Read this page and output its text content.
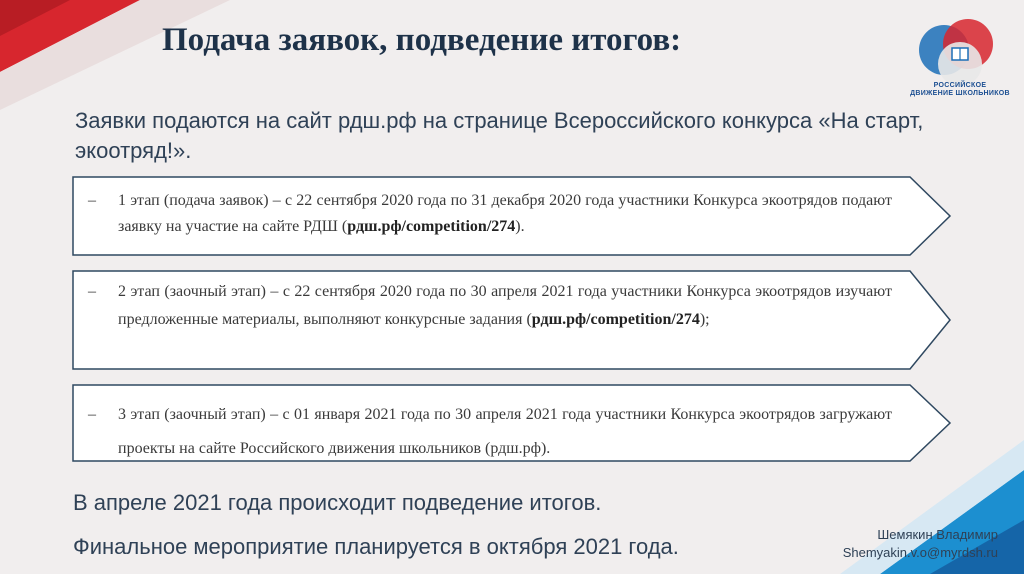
Подача заявок, подведение итогов:
РОССИЙСКОЕ
ДВИЖЕНИЕ ШКОЛЬНИКОВ
Заявки подаются на сайт рдш.рф на странице Всероссийского конкурса «На старт, экоотряд!».
– 1 этап (подача заявок) – с 22 сентября 2020 года по 31 декабря 2020 года участники Конкурса экоотрядов подают заявку на участие на сайте РДШ (рдш.рф/competition/274).
– 2 этап (заочный этап) – с 22 сентября 2020 года по 30 апреля 2021 года участники Конкурса экоотрядов изучают предложенные материалы, выполняют конкурсные задания (рдш.рф/competition/274);
– 3 этап (заочный этап) – с 01 января 2021 года по 30 апреля 2021 года участники Конкурса экоотрядов загружают проекты на сайте Российского движения школьников (рдш.рф).
В апреле 2021 года происходит подведение итогов.
Финальное мероприятие планируется в октября 2021 года.	Шемякин Владимир
Shemyakin.v.o@myrdsh.ru
